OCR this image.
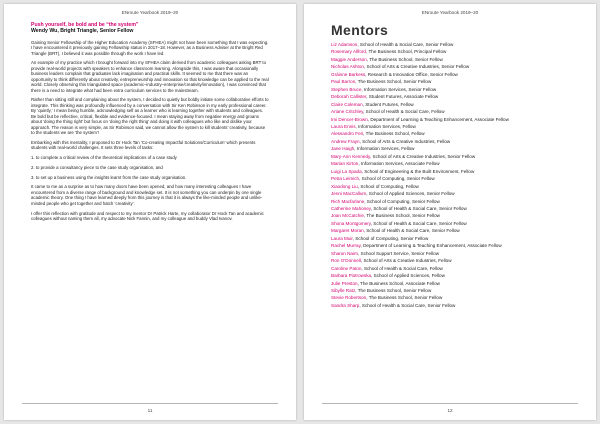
ENroute Yearbook 2019–20
Push yourself, be bold and be “the system”
Wendy Wu, Bright Triangle, Senior Fellow

Gaining Senior Fellowship of the Higher Education Academy (SFHEA) might not have been something that I was expecting. I have encountered it previously gaining Fellowship status in 2017–18. However, as a Business Adviser at the Bright Red Triangle (BRT), I believed it was possible through the work I have led.

An example of my practice which I brought forward into my SFHEA claim derived from academic colleagues asking BRT to provide real-world projects with speakers to enhance classroom learning. Alongside this, I was aware that occasionally business leaders complain that graduates lack imagination and practical skills. It seemed to me that there was an opportunity to think differently about creativity, entrepreneurship and innovation so that knowledge can be applied to the real world. Closely observing this triangulated space (academic–industry–enterprise/creativity/innovation), I was convinced that there is a need to integrate what had been extra curriculum services to the mainstream.

Rather than sitting still and complaining about the system, I decided to quietly but boldly initiate some collaborative efforts to integrate. This thinking was profoundly influenced by a conversation with Sir Ken Robinson in my early professional career. By ‘quietly,’ I mean being humble, acknowledging self as a learner who is learning together with students and colleagues. Be bold but be reflective, critical, flexible and evidence-focused. I mean staying away from negative energy and groans about ‘doing the thing right’ but focus on ‘doing the right thing’ and doing it with colleagues who like and dislike your approach. The reason is very simple, as Sir Robinson said, we cannot allow the system to kill students’ creativity, because to the students we are ‘the system’!

Embarking with this mentality, I proposed to Dr Hock Tan ‘Co-creating Impactful Solutions/Curriculum’ which presents students with real-world challenges. It sets three levels of tasks:

1. to complete a critical review of the theoretical implications of a case study

2. to provide a consultancy piece to the case study organisation, and

3. to set up a business using the insights learnt from the case study organisation.

It came to me as a surprise as to how many doors have been opened, and how many interesting colleagues I have encountered from a diverse range of background and knowledge set. It is not something you can underpin by one single academic theory. One thing I have learned deeply from this journey is that it is always the like-minded people and unlike-minded people who get together and hatch ‘creativity’.

I offer this reflection with gratitude and respect to my mentor Dr Patrick Harte, my collaborator Dr Hock Tan and academic colleagues without naming them all, my advocate Nick Fannin, and my colleague and buddy Vlad Ivanov.

11
ENroute Yearbook 2019–20
Mentors
Liz Adamson, School of Health & Social Care, Senior Fellow
Rosemary Allford, The Business School, Principal Fellow
Maggie Anderson, The Business School, Senior Fellow
Nicholas Ashton, School of Arts & Creative Industries, Senior Fellow
Gráinne Barkess, Research & Innovation Office, Senior Fellow
Paul Barron, The Business School, Senior Fellow
Stephen Bruce, Information Services, Senior Fellow
Deborah Callister, Student Futures, Associate Fellow
Claire Coleman, Student Futures, Fellow
Ariane Critchley, School of Health & Social Care, Fellow
Imi Dencer-Brown, Department of Learning & Teaching Enhancement, Associate Fellow
Laura Ennis, Information Services, Fellow
Alessandro Feri, The Business School, Fellow
Andrew Frayn, School of Arts & Creative Industries, Fellow
Jane Haigh, Information Services, Fellow
Mary-Ann Kennedy, School of Arts & Creative Industries, Senior Fellow
Marian Kirton, Information Services, Associate Fellow
Luigi La Spada, School of Engineering & the Built Environment, Fellow
Petra Leimich, School of Computing, Senior Fellow
Xiaodong Liu, School of Computing, Fellow
Jenni MacCallum, School of Applied Sciences, Senior Fellow
Rich Macfarlane, School of Computing, Senior Fellow
Catherine Mahoney, School of Health & Social Care, Senior Fellow
Joan McCatchie, The Business School, Senior Fellow
Shona Montgomery, School of Health & Social Care, Senior Fellow
Margaret Moran, School of Health & Social Care, Senior Fellow
Laura Muir, School of Computing, Senior Fellow
Rachel Murray, Department of Learning & Teaching Enhancement, Associate Fellow
Sharon Nairn, School Support Service, Senior Fellow
Ron O’Donnell, School of Arts & Creative Industries, Fellow
Caroline Paton, School of Health & Social Care, Fellow
Barbara Piotrowska, School of Applied Sciences, Fellow
Julie Preston, The Business School, Associate Fellow
Sibylle Ratz, The Business School, Senior Fellow
Stevie Robertson, The Business School, Senior Fellow
Sandra Sharp, School of Health & Social Care, Senior Fellow
12
